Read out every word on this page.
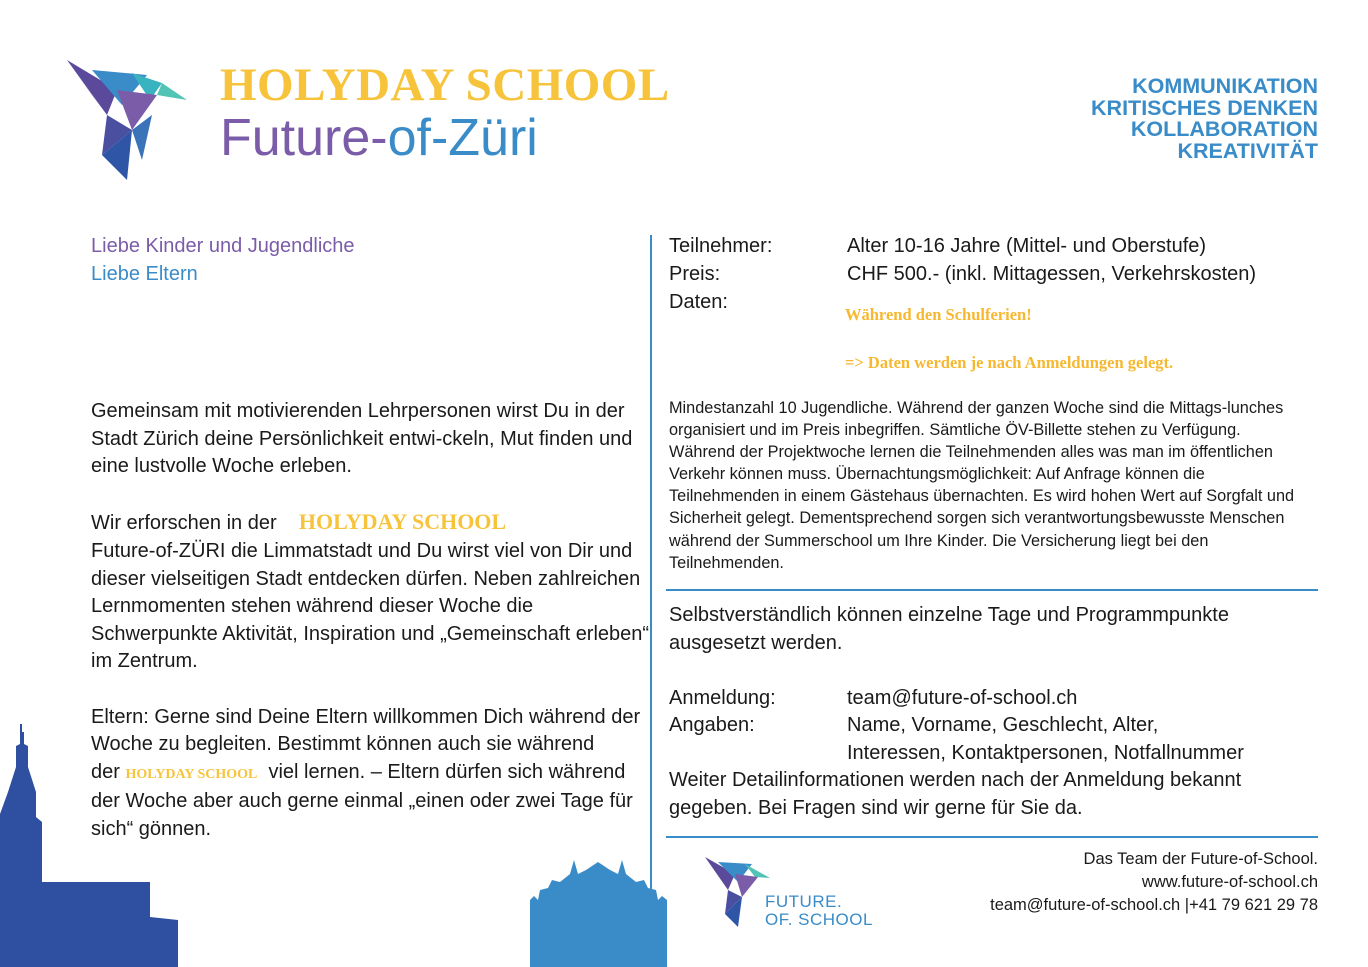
HOLYDAY SCHOOL
Future-of-Züri
KOMMUNIKATION
KRITISCHES DENKEN
KOLLABORATION
KREATIVITÄT
Liebe Kinder und Jugendliche
Liebe Eltern

Gemeinsam mit motivierenden Lehrpersonen wirst Du in der Stadt Zürich deine Persönlichkeit entwi-ckeln, Mut finden und eine lustvolle Woche erleben.

Wir erforschen in der HOLYDAY SCHOOL
Future-of-ZÜRI die Limmatstadt und Du wirst viel von Dir und dieser vielseitigen Stadt entdecken dürfen. Neben zahlreichen Lernmomenten stehen während dieser Woche die Schwerpunkte Aktivität, Inspiration und „Gemeinschaft erleben“ im Zentrum.

Eltern: Gerne sind Deine Eltern willkommen Dich während der Woche zu begleiten. Bestimmt können auch sie während der HOLYDAY SCHOOL viel lernen. – Eltern dürfen sich während der Woche aber auch gerne einmal „einen oder zwei Tage für sich“ gönnen.

Teilnehmer:	Alter 10-16 Jahre (Mittel- und Oberstufe)
Preis:	CHF 500.- (inkl. Mittagessen, Verkehrskosten)
Daten:
Während den Schulferien!
=> Daten werden je nach Anmeldungen gelegt.
Mindestanzahl 10 Jugendliche. Während der ganzen Woche sind die Mittags-lunches organisiert und im Preis inbegriffen. Sämtliche ÖV-Billette stehen zu Verfügung. Während der Projektwoche lernen die Teilnehmenden alles was man im öffentlichen Verkehr können muss. Übernachtungsmöglichkeit: Auf Anfrage können die Teilnehmenden in einem Gästehaus übernachten. Es wird hohen Wert auf Sorgfalt und Sicherheit gelegt. Dementsprechend sorgen sich verantwortungsbewusste Menschen während der Summerschool um Ihre Kinder. Die Versicherung liegt bei den Teilnehmenden.
Selbstverständlich können einzelne Tage und Programmpunkte ausgesetzt werden.
Anmeldung:	team@future-of-school.ch
Angaben:	Name, Vorname, Geschlecht, Alter,
Interessen, Kontaktpersonen, Notfallnummer
Weiter Detailinformationen werden nach der Anmeldung bekannt gegeben. Bei Fragen sind wir gerne für Sie da.
FUTURE.
OF. SCHOOL
Das Team der Future-of-School.
www.future-of-school.ch
team@future-of-school.ch |+41 79 621 29 78
